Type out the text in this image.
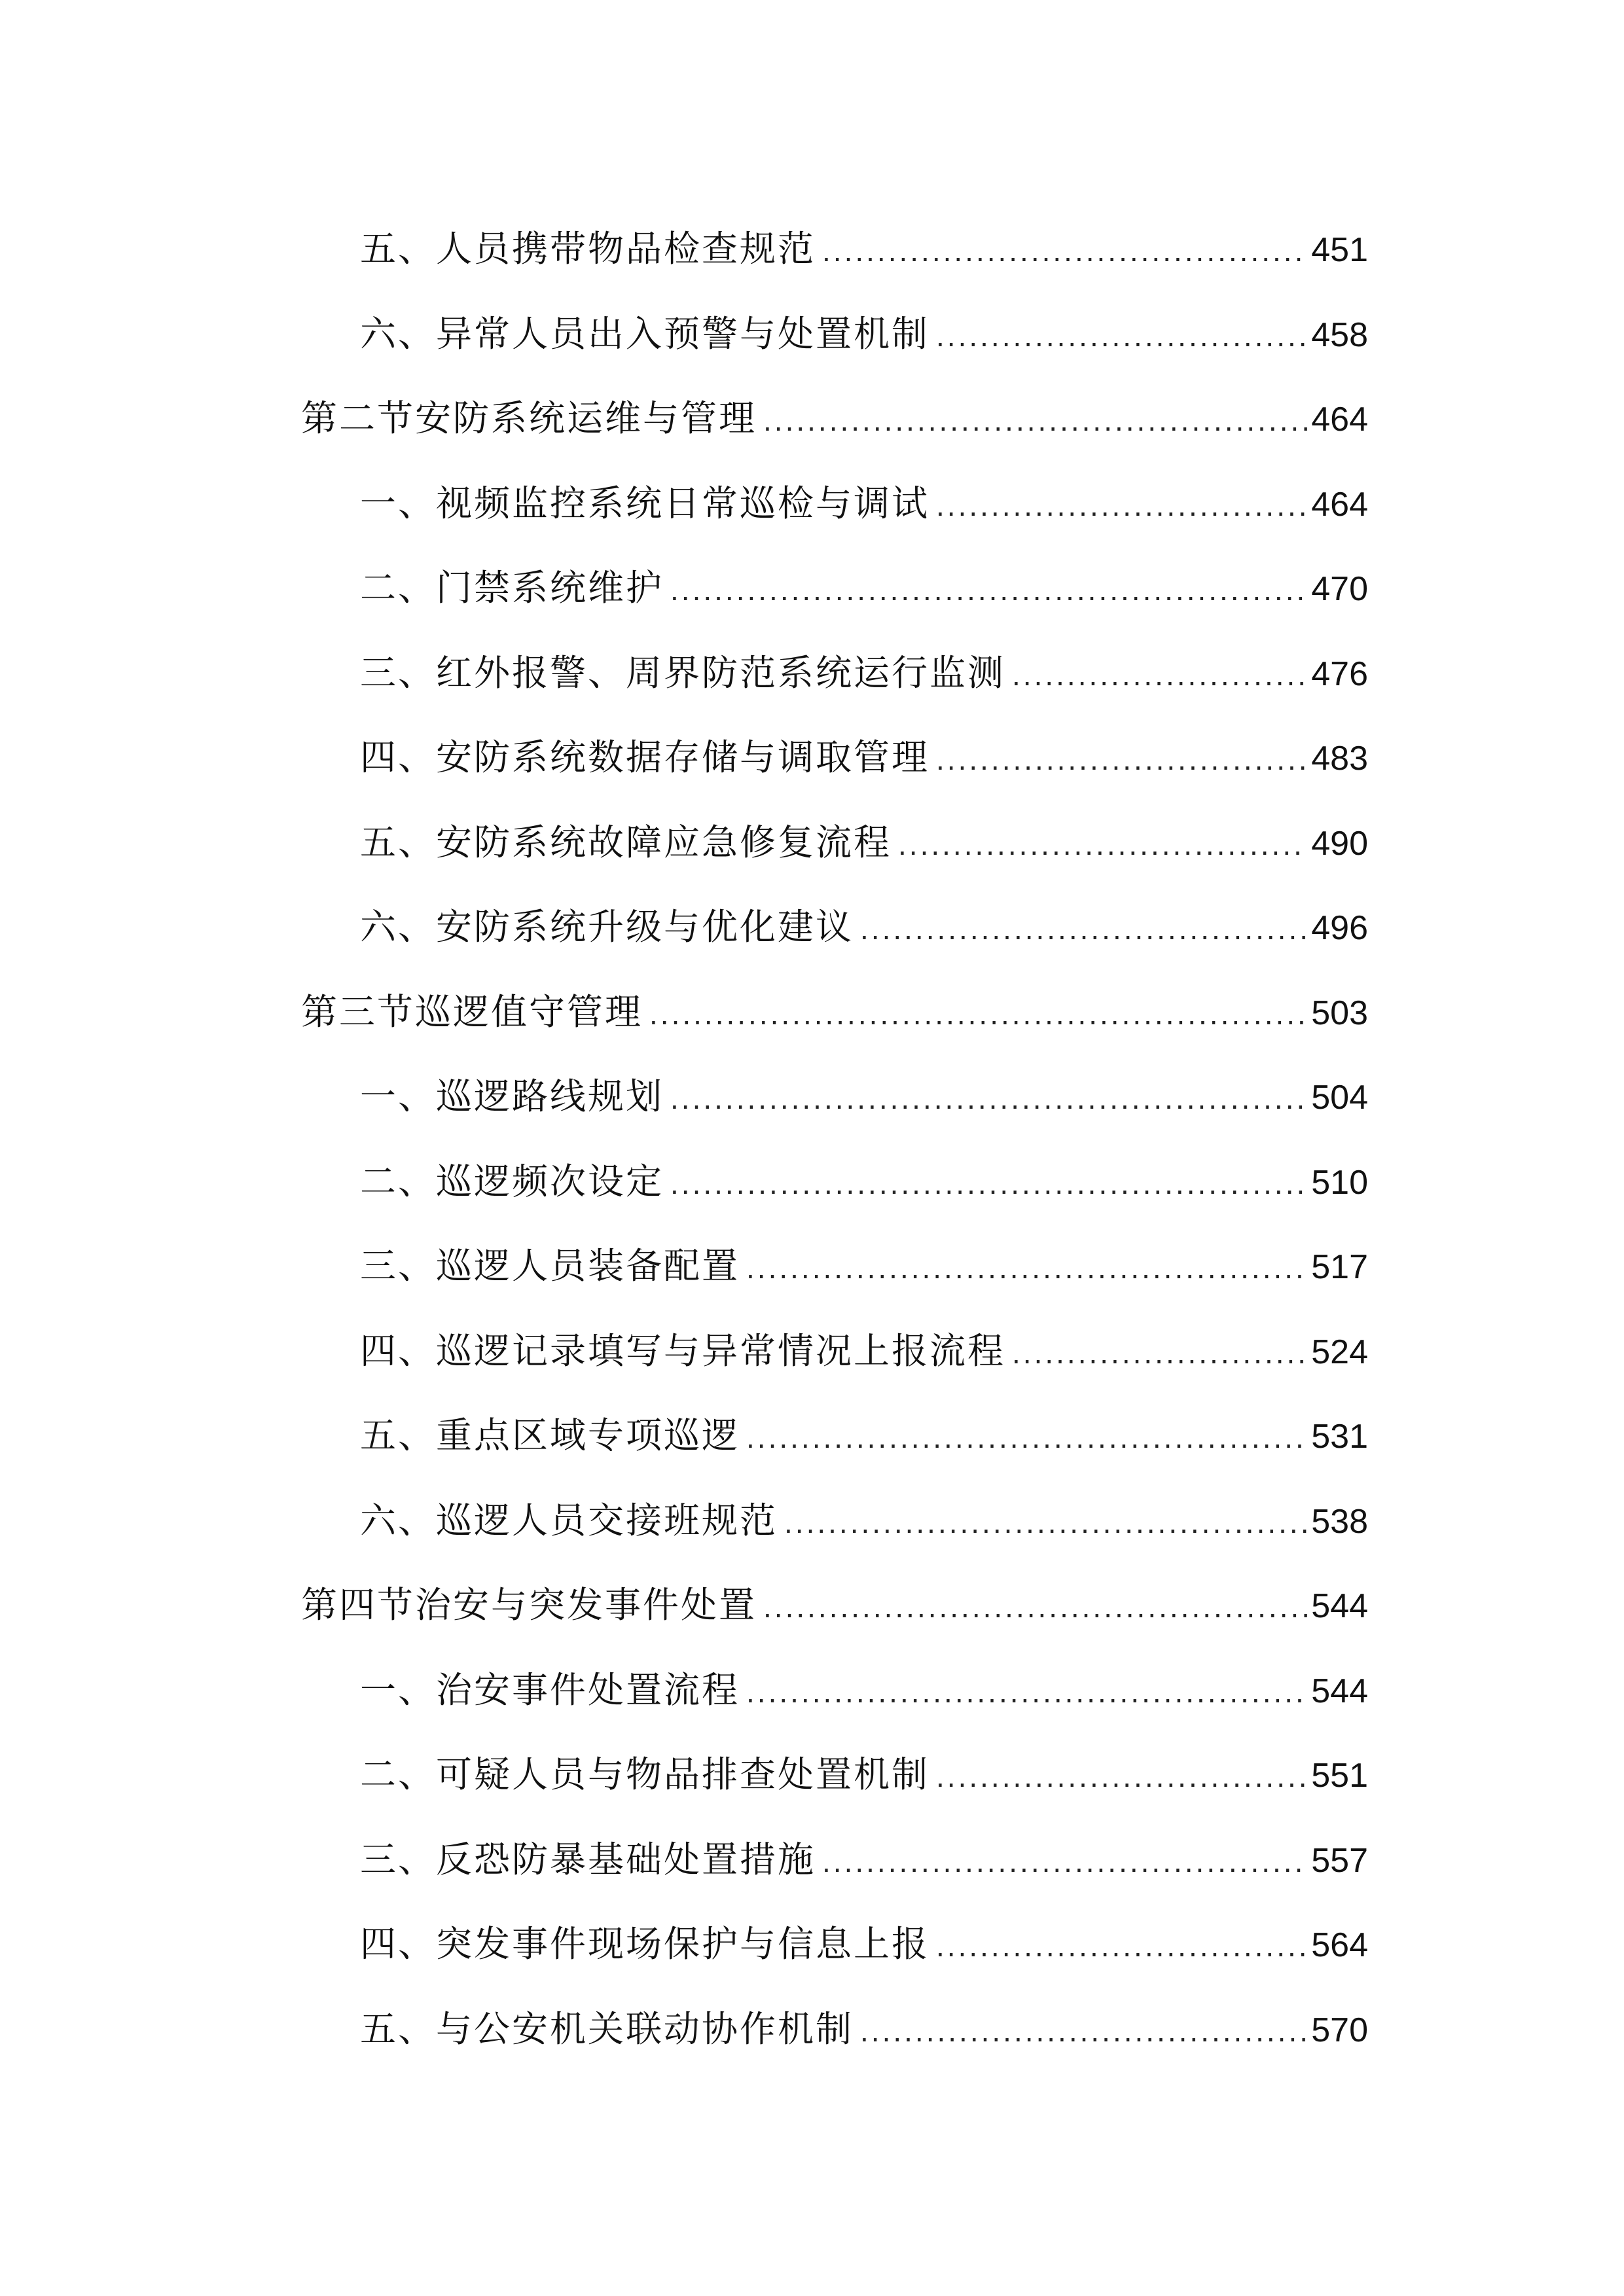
五、人员携带物品检查规范 .....	451
六、异常人员出入预警与处置机制 .....	458
第二节安防系统运维与管理 .....	464
一、视频监控系统日常巡检与调试 .....	464
二、门禁系统维护 .....	470
三、红外报警、周界防范系统运行监测 .....	476
四、安防系统数据存储与调取管理 .....	483
五、安防系统故障应急修复流程 .....	490
六、安防系统升级与优化建议 .....	496
第三节巡逻值守管理 .....	503
一、巡逻路线规划 .....	504
二、巡逻频次设定 .....	510
三、巡逻人员装备配置 .....	517
四、巡逻记录填写与异常情况上报流程 .....	524
五、重点区域专项巡逻 .....	531
六、巡逻人员交接班规范 .....	538
第四节治安与突发事件处置 .....	544
一、治安事件处置流程 .....	544
二、可疑人员与物品排查处置机制 .....	551
三、反恐防暴基础处置措施 .....	557
四、突发事件现场保护与信息上报 .....	564
五、与公安机关联动协作机制 .....	570
